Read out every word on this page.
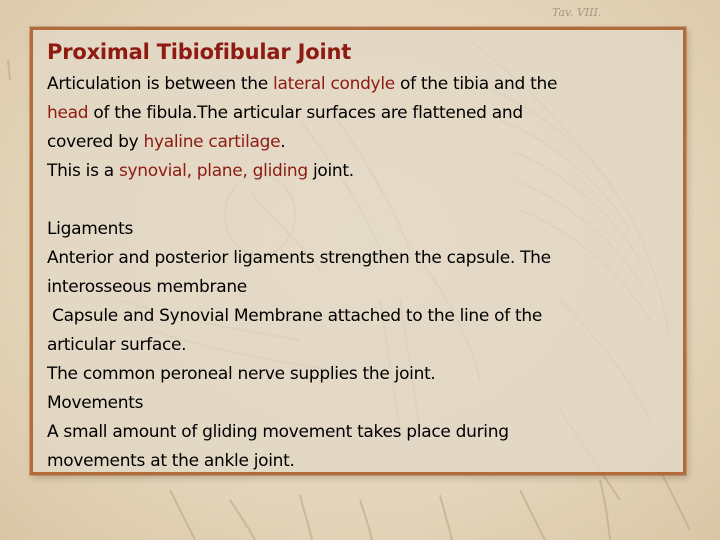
Tav. VIII.
Proximal Tibiofibular Joint

Articulation is between the lateral condyle of the tibia and the
head of the fibula.The articular surfaces are flattened and
covered by hyaline cartilage.
This is a synovial, plane, gliding joint.

Ligaments
Anterior and posterior ligaments strengthen the capsule. The
interosseous membrane
Capsule and Synovial Membrane attached to the line of the
articular surface.
The common peroneal nerve supplies the joint.
Movements
A small amount of gliding movement takes place during
movements at the ankle joint.
